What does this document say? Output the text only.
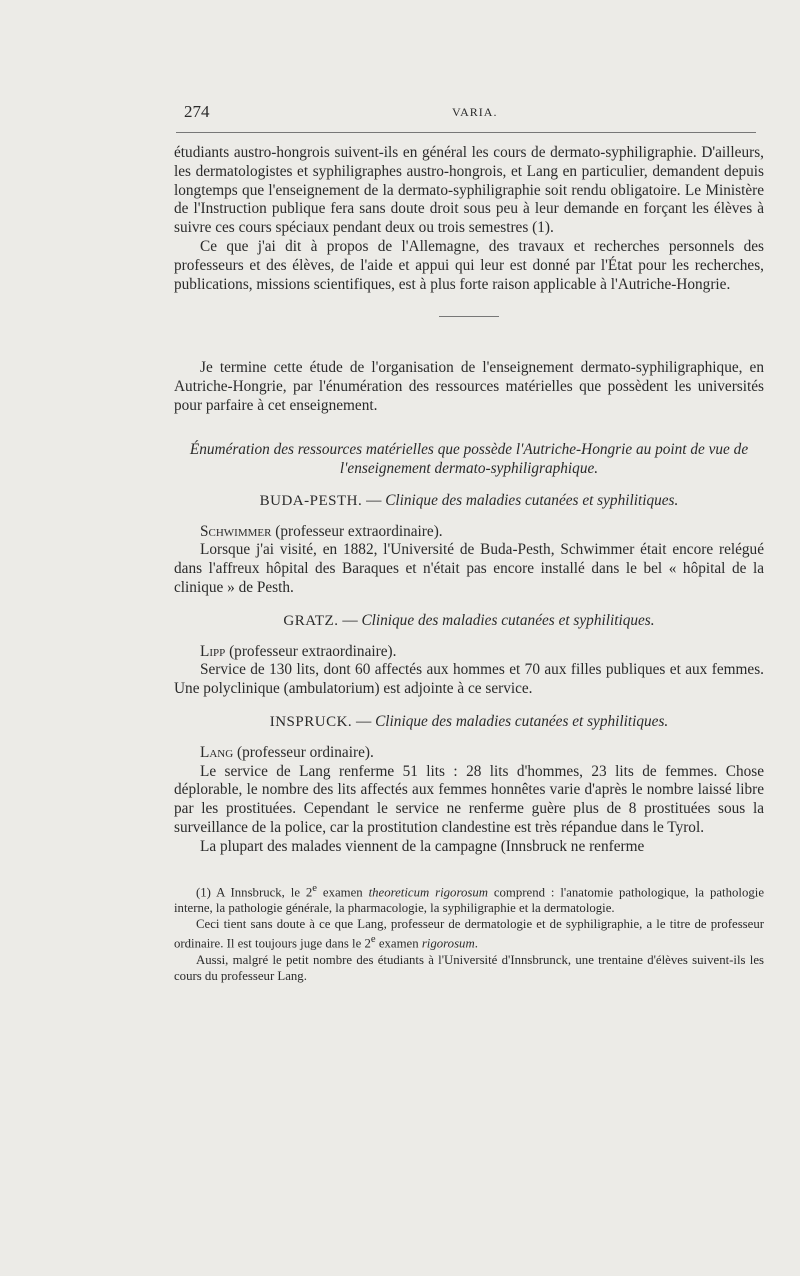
274	VARIA.

étudiants austro-hongrois suivent-ils en général les cours de dermato-syphiligraphie. D'ailleurs, les dermatologistes et syphiligraphes austro-hongrois, et Lang en particulier, demandent depuis longtemps que l'enseignement de la dermato-syphiligraphie soit rendu obligatoire. Le Ministère de l'Instruction publique fera sans doute droit sous peu à leur demande en forçant les élèves à suivre ces cours spéciaux pendant deux ou trois semestres (1).

Ce que j'ai dit à propos de l'Allemagne, des travaux et recherches personnels des professeurs et des élèves, de l'aide et appui qui leur est donné par l'État pour les recherches, publications, missions scientifiques, est à plus forte raison applicable à l'Autriche-Hongrie.

Je termine cette étude de l'organisation de l'enseignement dermato-syphiligraphique, en Autriche-Hongrie, par l'énumération des ressources matérielles que possèdent les universités pour parfaire à cet enseignement.

Énumération des ressources matérielles que possède l'Autriche-Hongrie au point de vue de l'enseignement dermato-syphiligraphique.

BUDA-PESTH. — Clinique des maladies cutanées et syphilitiques.

Schwimmer (professeur extraordinaire).

Lorsque j'ai visité, en 1882, l'Université de Buda-Pesth, Schwimmer était encore relégué dans l'affreux hôpital des Baraques et n'était pas encore installé dans le bel « hôpital de la clinique » de Pesth.

GRATZ. — Clinique des maladies cutanées et syphilitiques.

Lipp (professeur extraordinaire).

Service de 130 lits, dont 60 affectés aux hommes et 70 aux filles publiques et aux femmes. Une polyclinique (ambulatorium) est adjointe à ce service.

INSPRUCK. — Clinique des maladies cutanées et syphilitiques.

Lang (professeur ordinaire).

Le service de Lang renferme 51 lits : 28 lits d'hommes, 23 lits de femmes. Chose déplorable, le nombre des lits affectés aux femmes honnêtes varie d'après le nombre laissé libre par les prostituées. Cependant le service ne renferme guère plus de 8 prostituées sous la surveillance de la police, car la prostitution clandestine est très répandue dans le Tyrol.

La plupart des malades viennent de la campagne (Innsbruck ne renferme

(1) A Innsbruck, le 2e examen theoreticum rigorosum comprend : l'anatomie pathologique, la pathologie interne, la pathologie générale, la pharmacologie, la syphiligraphie et la dermatologie.

Ceci tient sans doute à ce que Lang, professeur de dermatologie et de syphiligraphie, a le titre de professeur ordinaire. Il est toujours juge dans le 2e examen rigorosum.

Aussi, malgré le petit nombre des étudiants à l'Université d'Innsbrunck, une trentaine d'élèves suivent-ils les cours du professeur Lang.
